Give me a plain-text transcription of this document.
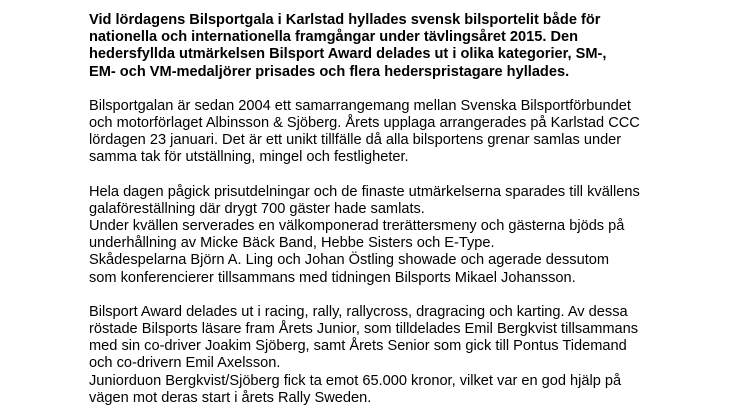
Vid lördagens Bilsportgala i Karlstad hyllades svensk bilsportelit både för
nationella och internationella framgångar under tävlingsåret 2015. Den
hedersfyllda utmärkelsen Bilsport Award delades ut i olika kategorier, SM-,
EM- och VM-medaljörer prisades och flera hederspristagare hyllades.
Bilsportgalan är sedan 2004 ett samarrangemang mellan Svenska Bilsportförbundet
och motorförlaget Albinsson & Sjöberg. Årets upplaga arrangerades på Karlstad CCC
lördagen 23 januari. Det är ett unikt tillfälle då alla bilsportens grenar samlas under
samma tak för utställning, mingel och festligheter.
Hela dagen pågick prisutdelningar och de finaste utmärkelserna sparades till kvällens
galaföreställning där drygt 700 gäster hade samlats.
Under kvällen serverades en välkomponerad trerättersmeny och gästerna bjöds på
underhållning av Micke Bäck Band, Hebbe Sisters och E-Type.
Skådespelarna Björn A. Ling och Johan Östling showade och agerade dessutom
som konferencierer tillsammans med tidningen Bilsports Mikael Johansson.
Bilsport Award delades ut i racing, rally, rallycross, dragracing och karting. Av dessa
röstade Bilsports läsare fram Årets Junior, som tilldelades Emil Bergkvist tillsammans
med sin co-driver Joakim Sjöberg, samt Årets Senior som gick till Pontus Tidemand
och co-drivern Emil Axelsson.
Juniorduon Bergkvist/Sjöberg fick ta emot 65.000 kronor, vilket var en god hjälp på
vägen mot deras start i årets Rally Sweden.
